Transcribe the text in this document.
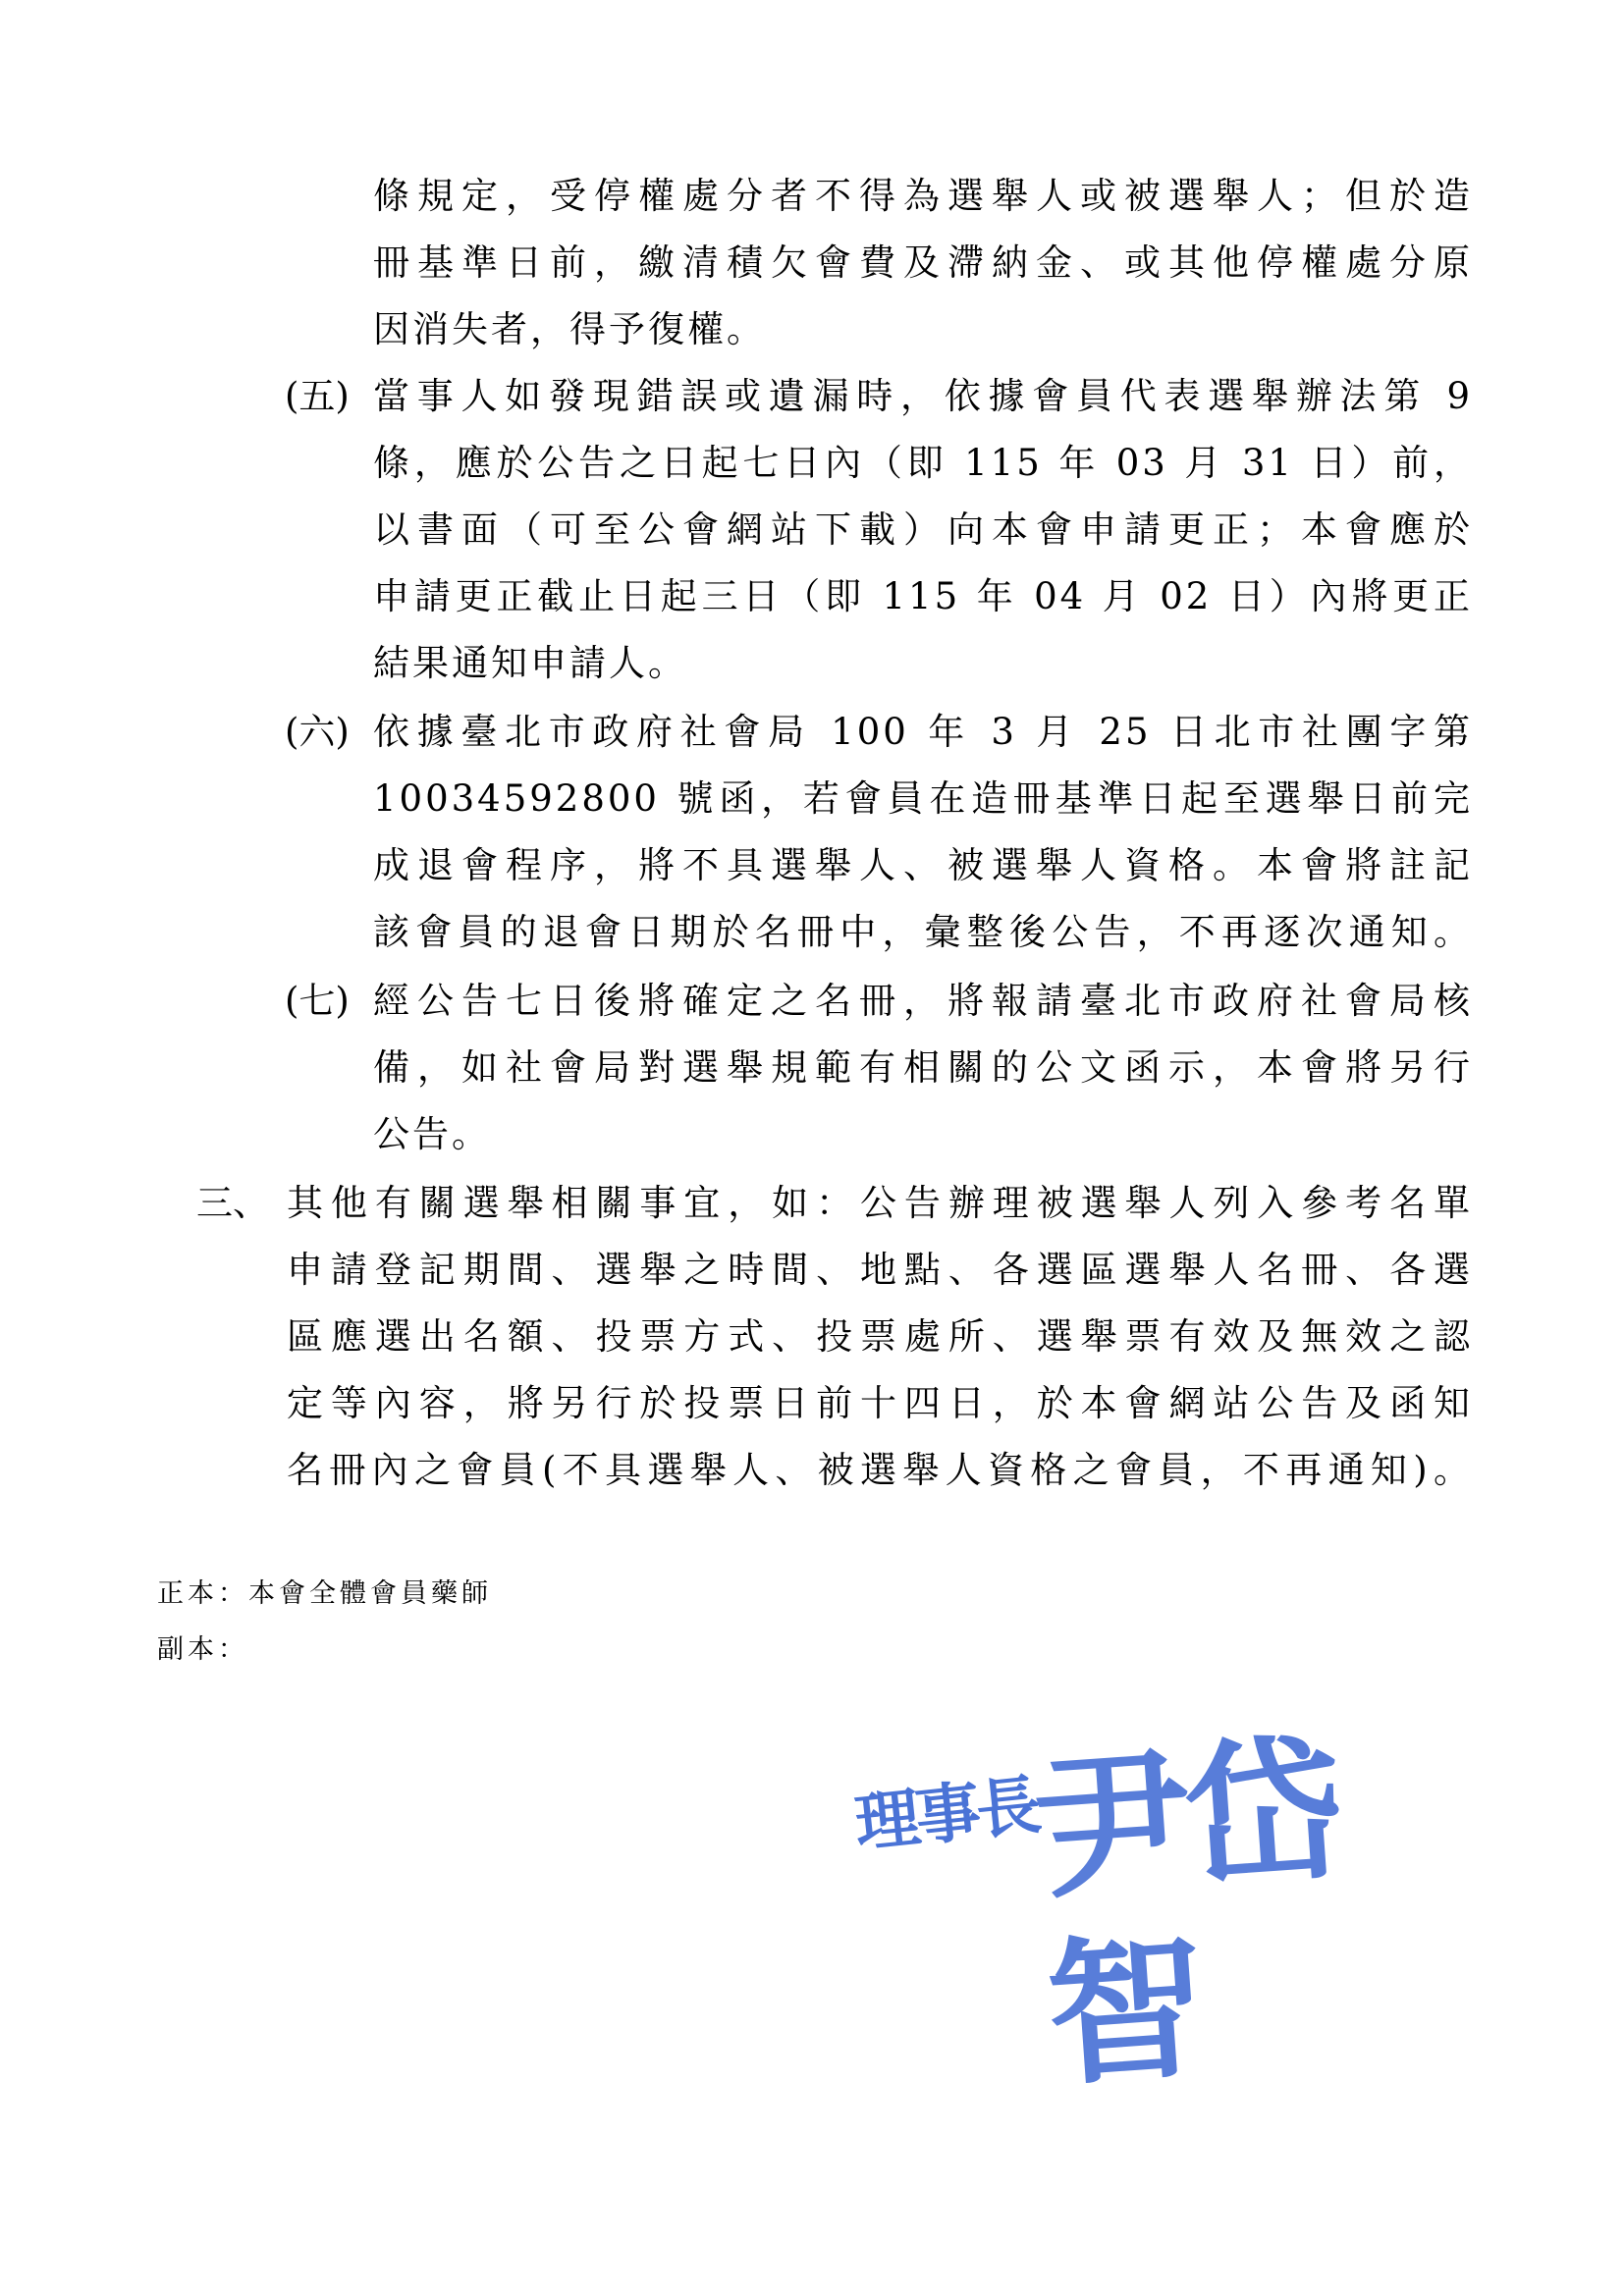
條規定，受停權處分者不得為選舉人或被選舉人；但於造
冊基準日前，繳清積欠會費及滯納金、或其他停權處分原
因消失者，得予復權。
(五) 當事人如發現錯誤或遺漏時，依據會員代表選舉辦法第 9
條，應於公告之日起七日內（即 115 年 03 月 31 日）前，
以書面（可至公會網站下載）向本會申請更正；本會應於
申請更正截止日起三日（即 115 年 04 月 02 日）內將更正
結果通知申請人。
(六) 依據臺北市政府社會局 100 年 3 月 25 日北市社團字第
10034592800 號函，若會員在造冊基準日起至選舉日前完
成退會程序，將不具選舉人、被選舉人資格。本會將註記
該會員的退會日期於名冊中，彙整後公告，不再逐次通知。
(七) 經公告七日後將確定之名冊，將報請臺北市政府社會局核
備，如社會局對選舉規範有相關的公文函示，本會將另行
公告。
三、 其他有關選舉相關事宜，如：公告辦理被選舉人列入參考名單
申請登記期間、選舉之時間、地點、各選區選舉人名冊、各選
區應選出名額、投票方式、投票處所、選舉票有效及無效之認
定等內容，將另行於投票日前十四日，於本會網站公告及函知
名冊內之會員(不具選舉人、被選舉人資格之會員，不再通知)。
正本：本會全體會員藥師
副本：
理事長
尹岱智
